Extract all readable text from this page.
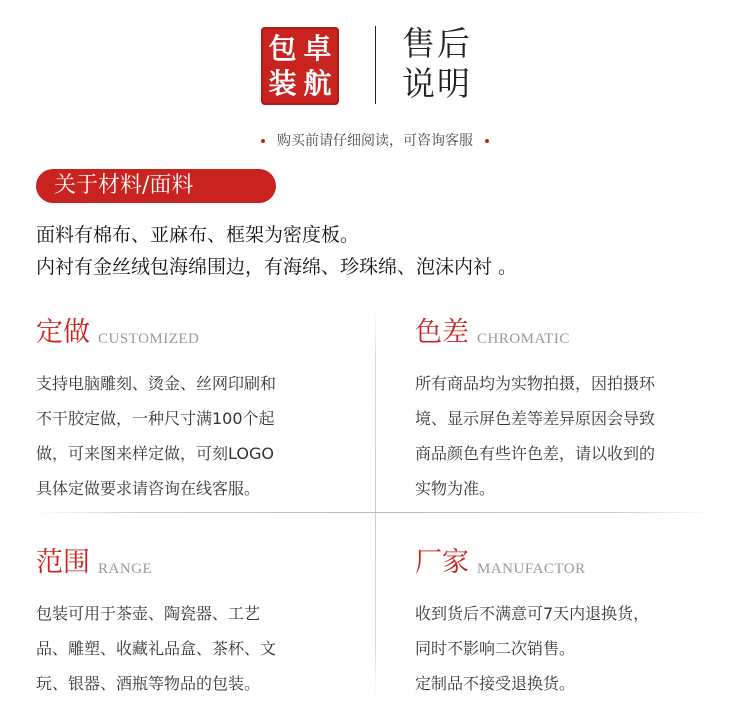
包 卓
装 航
售后
说明
购买前请仔细阅读，可咨询客服
关于材料/面料
面料有棉布、亚麻布、框架为密度板。
内衬有金丝绒包海绵围边，有海绵、珍珠绵、泡沫内衬 。
定做 CUSTOMIZED
支持电脑雕刻、烫金、丝网印刷和
不干胶定做，一种尺寸满100个起
做，可来图来样定做，可刻LOGO
具体定做要求请咨询在线客服。
色差 CHROMATIC
所有商品均为实物拍摄，因拍摄环
境、显示屏色差等差异原因会导致
商品颜色有些许色差，请以收到的
实物为准。
范围 RANGE
包装可用于茶壶、陶瓷器、工艺
品、雕塑、收藏礼品盒、茶杯、文
玩、银器、酒瓶等物品的包装。
厂家 MANUFACTOR
收到货后不满意可7天内退换货，
同时不影响二次销售。
定制品不接受退换货。
